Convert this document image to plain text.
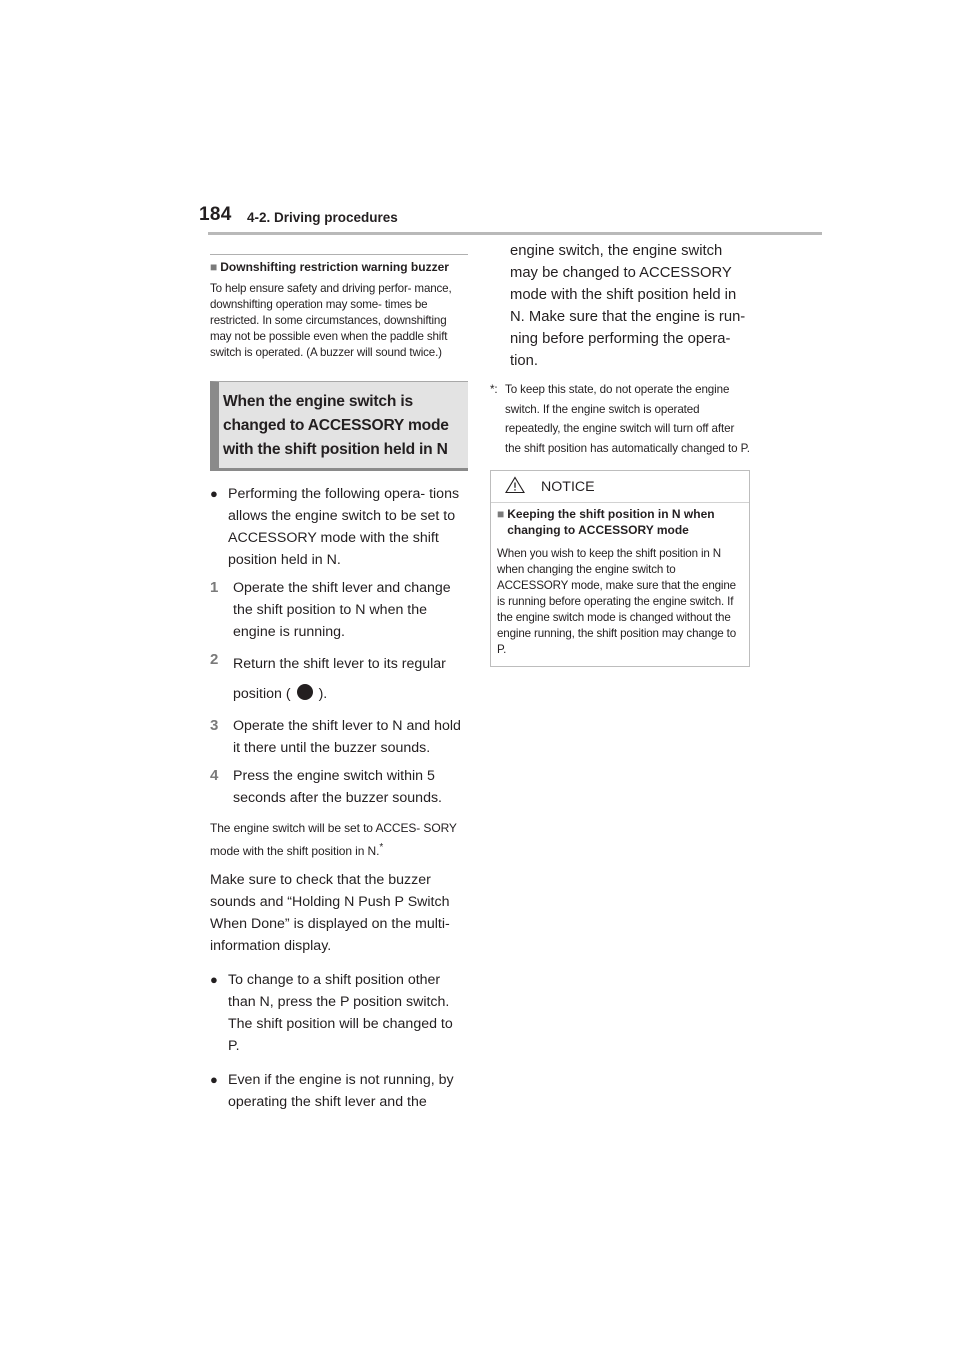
184 4-2. Driving procedures
■ Downshifting restriction warning buzzer

To help ensure safety and driving perfor- mance, downshifting operation may some- times be restricted. In some circumstances, downshifting may not be possible even when the paddle shift switch is operated. (A buzzer will sound twice.)

When the engine switch is changed to ACCESSORY mode with the shift position held in N
● Performing the following opera- tions allows the engine switch to be set to ACCESSORY mode with the shift position held in N.
1	Operate the shift lever and change the shift position to N when the engine is running.
2	Return the shift lever to its regular position ( ).
3	Operate the shift lever to N and hold it there until the buzzer sounds.
4	Press the engine switch within 5 seconds after the buzzer sounds.
The engine switch will be set to ACCES- SORY mode with the shift position in N.*
Make sure to check that the buzzer sounds and “Holding N Push P Switch When Done” is displayed on the multi-information display.
● To change to a shift position other than N, press the P position switch. The shift position will be changed to P.
● Even if the engine is not running, by operating the shift lever and the
engine switch, the engine switch may be changed to ACCESSORY mode with the shift position held in N. Make sure that the engine is run- ning before performing the opera- tion.
*: To keep this state, do not operate the engine switch. If the engine switch is operated repeatedly, the engine switch will turn off after the shift position has automatically changed to P.
NOTICE
■ Keeping the shift position in N when changing to ACCESSORY mode
When you wish to keep the shift position in N when changing the engine switch to ACCESSORY mode, make sure that the engine is running before operating the engine switch. If the engine switch mode is changed without the engine running, the shift position may change to P.
